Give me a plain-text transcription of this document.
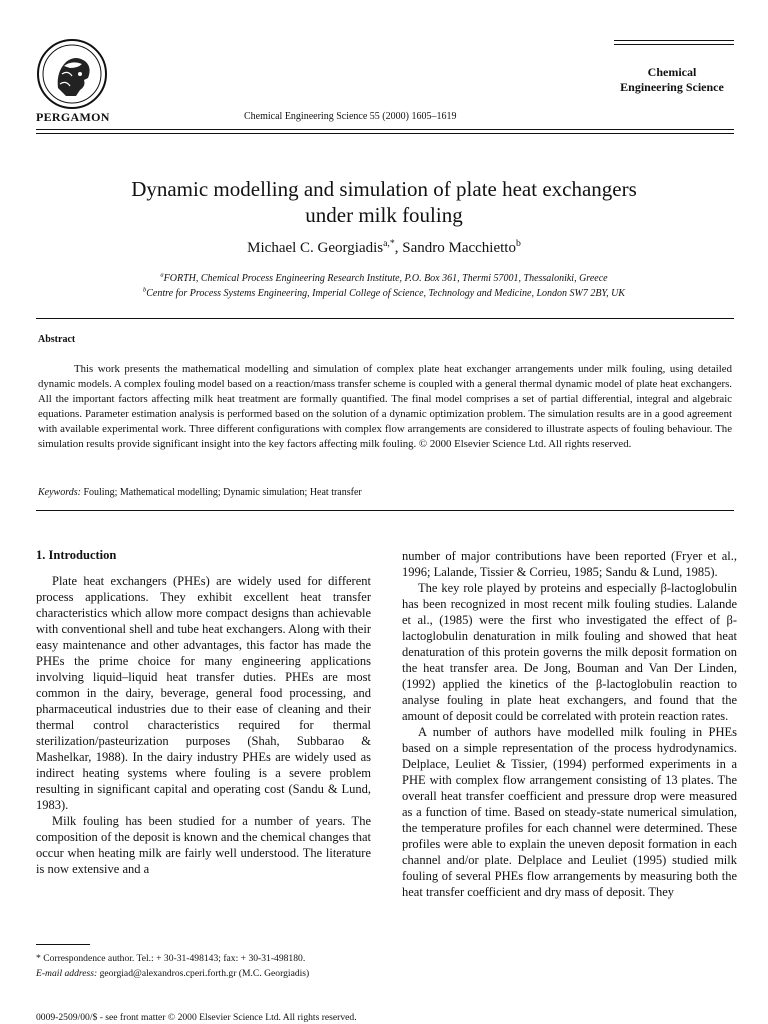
PERGAMON	Chemical Engineering Science 55 (2000) 1605–1619
Chemical
Engineering Science
Dynamic modelling and simulation of plate heat exchangers
under milk fouling
Michael C. Georgiadis$^{a,*}$, Sandro Macchietto$^b$
$^a$FORTH, Chemical Process Engineering Research Institute, P.O. Box 361, Thermi 57001, Thessaloniki, Greece
$^b$Centre for Process Systems Engineering, Imperial College of Science, Technology and Medicine, London SW7 2BY, UK
Abstract
This work presents the mathematical modelling and simulation of complex plate heat exchanger arrangements under milk fouling, using detailed dynamic models. A complex fouling model based on a reaction/mass transfer scheme is coupled with a general thermal dynamic model of plate heat exchangers. All the important factors affecting milk heat treatment are formally quantified. The final model comprises a set of partial differential, integral and algebraic equations. Parameter estimation analysis is performed based on the solution of a dynamic optimization problem. The simulation results are in a good agreement with available experimental work. Three different configurations with complex flow arrangements are considered to illustrate aspects of fouling behaviour. The simulation results provide significant insight into the key factors affecting milk fouling. © 2000 Elsevier Science Ltd. All rights reserved.
Keywords: Fouling; Mathematical modelling; Dynamic simulation; Heat transfer
1. Introduction

Plate heat exchangers (PHEs) are widely used for different process applications. They exhibit excellent heat transfer characteristics which allow more compact designs than achievable with conventional shell and tube heat exchangers. Along with their easy maintenance and other advantages, this factor has made the PHEs the prime choice for many engineering applications involving liquid–liquid heat transfer duties. PHEs are most common in the dairy, beverage, general food processing, and pharmaceutical industries due to their ease of cleaning and their thermal control characteristics required for thermal sterilization/pasteurization purposes (Shah, Subbarao & Mashelkar, 1988). In the dairy industry PHEs are widely used as indirect heating systems where fouling is a severe problem resulting in significant capital and operating cost (Sandu & Lund, 1983).

Milk fouling has been studied for a number of years. The composition of the deposit is known and the chemical changes that occur when heating milk are fairly well understood. The literature is now extensive and a

number of major contributions have been reported (Fryer et al., 1996; Lalande, Tissier & Corrieu, 1985; Sandu & Lund, 1985).

The key role played by proteins and especially β-lactoglobulin has been recognized in most recent milk fouling studies. Lalande et al., (1985) were the first who investigated the effect of β-lactoglobulin denaturation in milk fouling and showed that heat denaturation of this protein governs the milk deposit formation on the heat transfer area. De Jong, Bouman and Van Der Linden, (1992) applied the kinetics of the β-lactoglobulin reaction to analyse fouling in plate heat exchangers, and found that the amount of deposit could be correlated with protein reaction rates.

A number of authors have modelled milk fouling in PHEs based on a simple representation of the process hydrodynamics. Delplace, Leuliet & Tissier, (1994) performed experiments in a PHE with complex flow arrangement consisting of 13 plates. The overall heat transfer coefficient and pressure drop were measured as a function of time. Based on steady-state numerical simulation, the temperature profiles for each channel were determined. These profiles were able to explain the uneven deposit formation in each channel and/or plate. Delplace and Leuliet (1995) studied milk fouling of several PHEs flow arrangements by measuring both the heat transfer coefficient and dry mass of deposit. They

* Correspondence author. Tel.: + 30-31-498143; fax: + 30-31-498180.
E-mail address: georgiad@alexandros.cperi.forth.gr (M.C. Georgiadis)
0009-2509/00/$ - see front matter © 2000 Elsevier Science Ltd. All rights reserved.
